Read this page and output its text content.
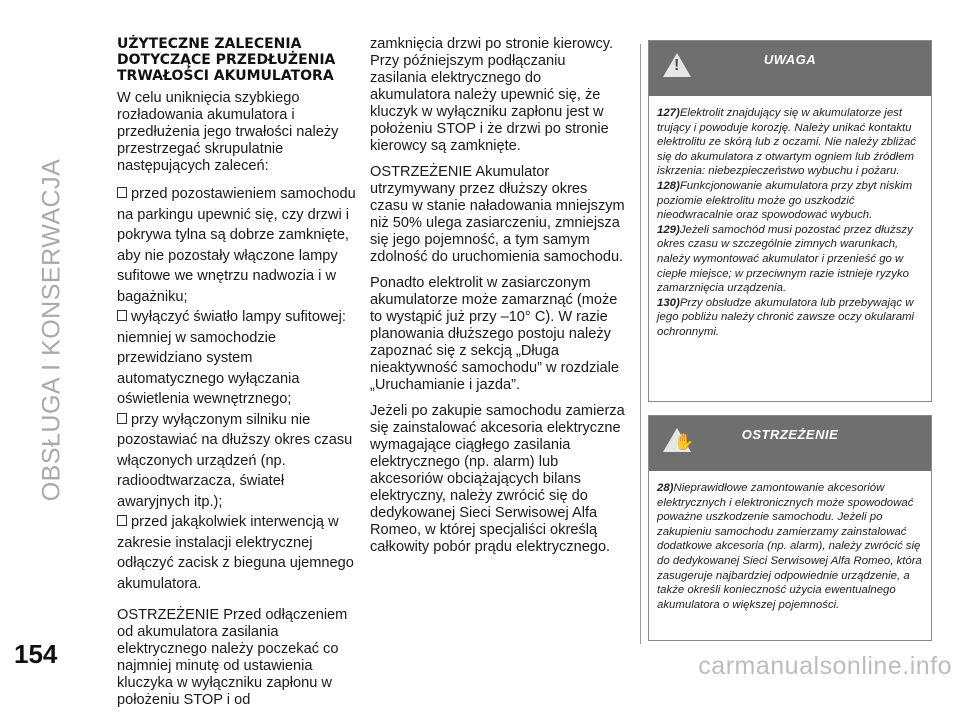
OBSŁUGA I KONSERWACJA
154
UŻYTECZNE ZALECENIA DOTYCZĄCE PRZEDŁUŻENIA TRWAŁOŚCI AKUMULATORA

W celu uniknięcia szybkiego rozładowania akumulatora i przedłużenia jego trwałości należy przestrzegać skrupulatnie następujących zaleceń:

przed pozostawieniem samochodu na parkingu upewnić się, czy drzwi i pokrywa tylna są dobrze zamknięte, aby nie pozostały włączone lampy sufitowe we wnętrzu nadwozia i w bagażniku;

wyłączyć światło lampy sufitowej: niemniej w samochodzie przewidziano system automatycznego wyłączania oświetlenia wewnętrznego;

przy wyłączonym silniku nie pozostawiać na dłuższy okres czasu włączonych urządzeń (np. radioodtwarzacza, świateł awaryjnych itp.);

przed jakąkolwiek interwencją w zakresie instalacji elektrycznej odłączyć zacisk z bieguna ujemnego akumulatora.

OSTRZEŻENIE Przed odłączeniem od akumulatora zasilania elektrycznego należy poczekać co najmniej minutę od ustawienia kluczyka w wyłączniku zapłonu w położeniu STOP i od

zamknięcia drzwi po stronie kierowcy. Przy późniejszym podłączaniu zasilania elektrycznego do akumulatora należy upewnić się, że kluczyk w wyłączniku zapłonu jest w położeniu STOP i że drzwi po stronie kierowcy są zamknięte.

OSTRZEŻENIE Akumulator utrzymywany przez dłuższy okres czasu w stanie naładowania mniejszym niż 50% ulega zasiarczeniu, zmniejsza się jego pojemność, a tym samym zdolność do uruchomienia samochodu.

Ponadto elektrolit w zasiarczonym akumulatorze może zamarznąć (może to wystąpić już przy –10° C). W razie planowania dłuższego postoju należy zapoznać się z sekcją „Długa nieaktywność samochodu” w rozdziale „Uruchamianie i jazda”.

Jeżeli po zakupie samochodu zamierza się zainstalować akcesoria elektryczne wymagające ciągłego zasilania elektrycznego (np. alarm) lub akcesoriów obciążających bilans elektryczny, należy zwrócić się do dedykowanej Sieci Serwisowej Alfa Romeo, w której specjaliści określą całkowity pobór prądu elektrycznego.

!	UWAGA

127)Elektrolit znajdujący się w akumulatorze jest trujący i powoduje korozję. Należy unikać kontaktu elektrolitu ze skórą lub z oczami. Nie należy zbliżać się do akumulatora z otwartym ogniem lub źródłem iskrzenia: niebezpieczeństwo wybuchu i pożaru.

128)Funkcjonowanie akumulatora przy zbyt niskim poziomie elektrolitu może go uszkodzić nieodwracalnie oraz spowodować wybuch.

129)Jeżeli samochód musi pozostać przez dłuższy okres czasu w szczególnie zimnych warunkach, należy wymontować akumulator i przenieść go w ciepłe miejsce; w przeciwnym razie istnieje ryzyko zamarznięcia urządzenia.

130)Przy obsłudze akumulatora lub przebywając w jego pobliżu należy chronić zawsze oczy okularami ochronnymi.

✋	OSTRZEŻENIE

28)Nieprawidłowe zamontowanie akcesoriów elektrycznych i elektronicznych może spowodować poważne uszkodzenie samochodu. Jeżeli po zakupieniu samochodu zamierzamy zainstalować dodatkowe akcesoria (np. alarm), należy zwrócić się do dedykowanej Sieci Serwisowej Alfa Romeo, która zasugeruje najbardziej odpowiednie urządzenie, a także określi konieczność użycia ewentualnego akumulatora o większej pojemności.

carmanualsonline.info
